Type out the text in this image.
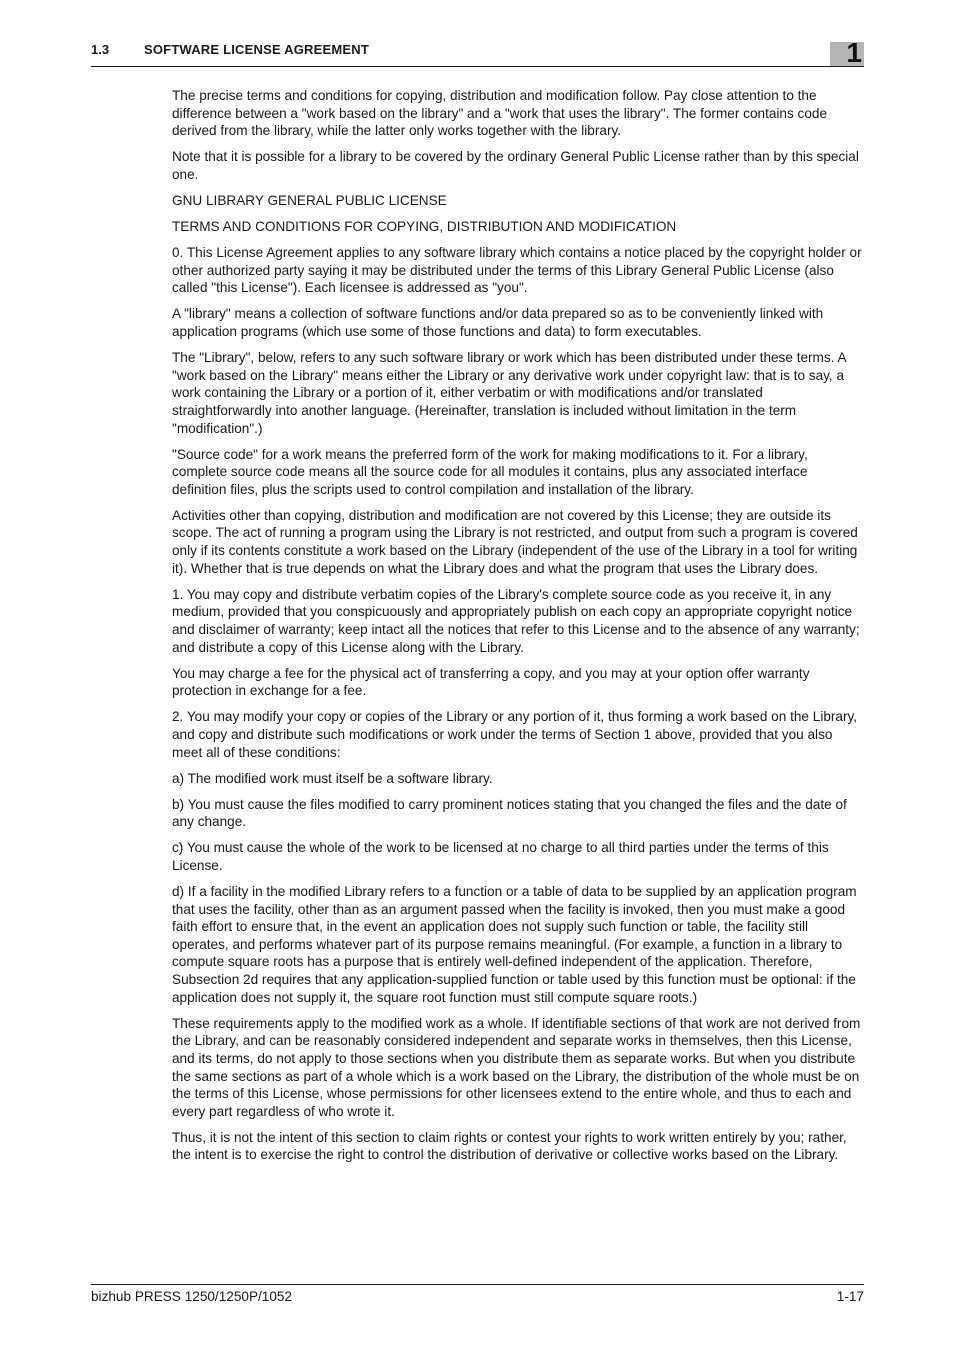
1.3	SOFTWARE LICENSE AGREEMENT	1

The precise terms and conditions for copying, distribution and modification follow. Pay close attention to the difference between a "work based on the library" and a "work that uses the library". The former contains code derived from the library, while the latter only works together with the library.

Note that it is possible for a library to be covered by the ordinary General Public License rather than by this special one.

GNU LIBRARY GENERAL PUBLIC LICENSE

TERMS AND CONDITIONS FOR COPYING, DISTRIBUTION AND MODIFICATION

0. This License Agreement applies to any software library which contains a notice placed by the copyright holder or other authorized party saying it may be distributed under the terms of this Library General Public License (also called "this License"). Each licensee is addressed as "you".

A "library" means a collection of software functions and/or data prepared so as to be conveniently linked with application programs (which use some of those functions and data) to form executables.

The "Library", below, refers to any such software library or work which has been distributed under these terms. A "work based on the Library" means either the Library or any derivative work under copyright law: that is to say, a work containing the Library or a portion of it, either verbatim or with modifications and/or translated straightforwardly into another language. (Hereinafter, translation is included without limitation in the term "modification".)

"Source code" for a work means the preferred form of the work for making modifications to it. For a library, complete source code means all the source code for all modules it contains, plus any associated interface definition files, plus the scripts used to control compilation and installation of the library.

Activities other than copying, distribution and modification are not covered by this License; they are outside its scope. The act of running a program using the Library is not restricted, and output from such a program is covered only if its contents constitute a work based on the Library (independent of the use of the Library in a tool for writing it). Whether that is true depends on what the Library does and what the program that uses the Library does.

1. You may copy and distribute verbatim copies of the Library's complete source code as you receive it, in any medium, provided that you conspicuously and appropriately publish on each copy an appropriate copyright notice and disclaimer of warranty; keep intact all the notices that refer to this License and to the absence of any warranty; and distribute a copy of this License along with the Library.

You may charge a fee for the physical act of transferring a copy, and you may at your option offer warranty protection in exchange for a fee.

2. You may modify your copy or copies of the Library or any portion of it, thus forming a work based on the Library, and copy and distribute such modifications or work under the terms of Section 1 above, provided that you also meet all of these conditions:

a) The modified work must itself be a software library.

b) You must cause the files modified to carry prominent notices stating that you changed the files and the date of any change.

c) You must cause the whole of the work to be licensed at no charge to all third parties under the terms of this License.

d) If a facility in the modified Library refers to a function or a table of data to be supplied by an application program that uses the facility, other than as an argument passed when the facility is invoked, then you must make a good faith effort to ensure that, in the event an application does not supply such function or table, the facility still operates, and performs whatever part of its purpose remains meaningful. (For example, a function in a library to compute square roots has a purpose that is entirely well-defined independent of the application. Therefore, Subsection 2d requires that any application-supplied function or table used by this function must be optional: if the application does not supply it, the square root function must still compute square roots.)

These requirements apply to the modified work as a whole. If identifiable sections of that work are not derived from the Library, and can be reasonably considered independent and separate works in themselves, then this License, and its terms, do not apply to those sections when you distribute them as separate works. But when you distribute the same sections as part of a whole which is a work based on the Library, the distribution of the whole must be on the terms of this License, whose permissions for other licensees extend to the entire whole, and thus to each and every part regardless of who wrote it.

Thus, it is not the intent of this section to claim rights or contest your rights to work written entirely by you; rather, the intent is to exercise the right to control the distribution of derivative or collective works based on the Library.

bizhub PRESS 1250/1250P/1052	1-17
